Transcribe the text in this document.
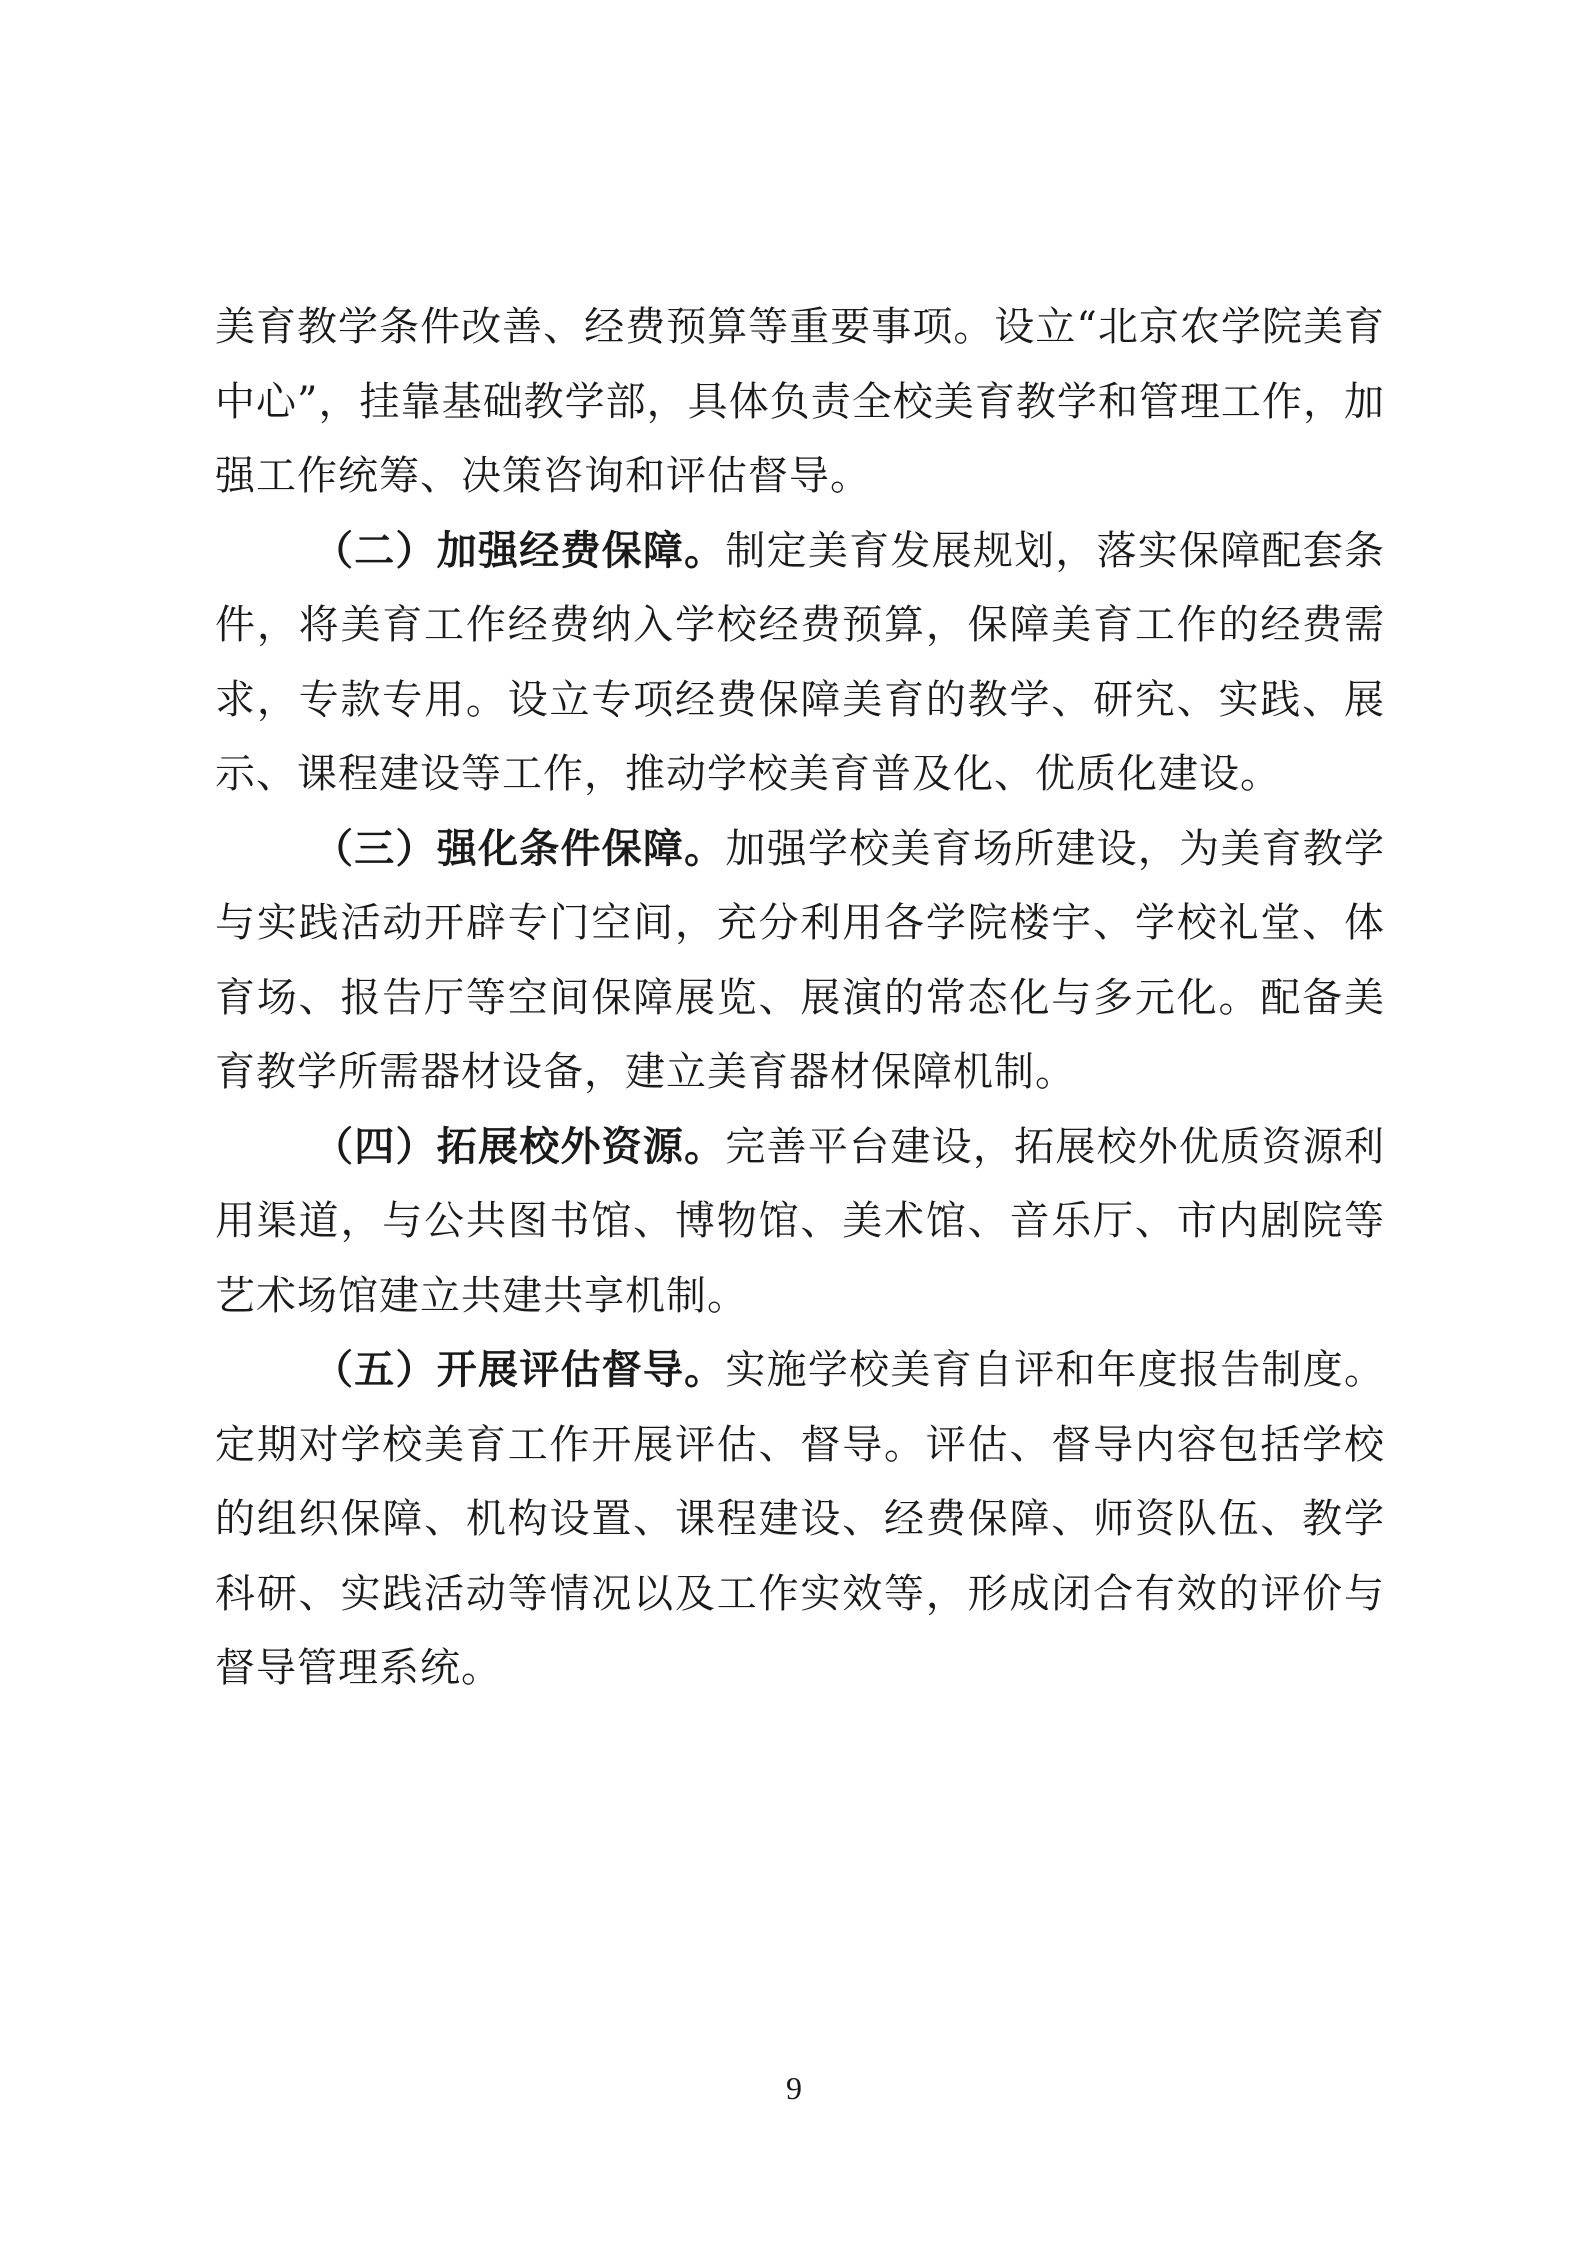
美育教学条件改善、经费预算等重要事项。设立“北京农学院美育中心”，挂靠基础教学部，具体负责全校美育教学和管理工作，加强工作统筹、决策咨询和评估督导。

（二）加强经费保障。制定美育发展规划，落实保障配套条件，将美育工作经费纳入学校经费预算，保障美育工作的经费需求，专款专用。设立专项经费保障美育的教学、研究、实践、展示、课程建设等工作，推动学校美育普及化、优质化建设。

（三）强化条件保障。加强学校美育场所建设，为美育教学与实践活动开辟专门空间，充分利用各学院楼宇、学校礼堂、体育场、报告厅等空间保障展览、展演的常态化与多元化。配备美育教学所需器材设备，建立美育器材保障机制。

（四）拓展校外资源。完善平台建设，拓展校外优质资源利用渠道，与公共图书馆、博物馆、美术馆、音乐厅、市内剧院等艺术场馆建立共建共享机制。

（五）开展评估督导。实施学校美育自评和年度报告制度。定期对学校美育工作开展评估、督导。评估、督导内容包括学校的组织保障、机构设置、课程建设、经费保障、师资队伍、教学科研、实践活动等情况以及工作实效等，形成闭合有效的评价与督导管理系统。

9
